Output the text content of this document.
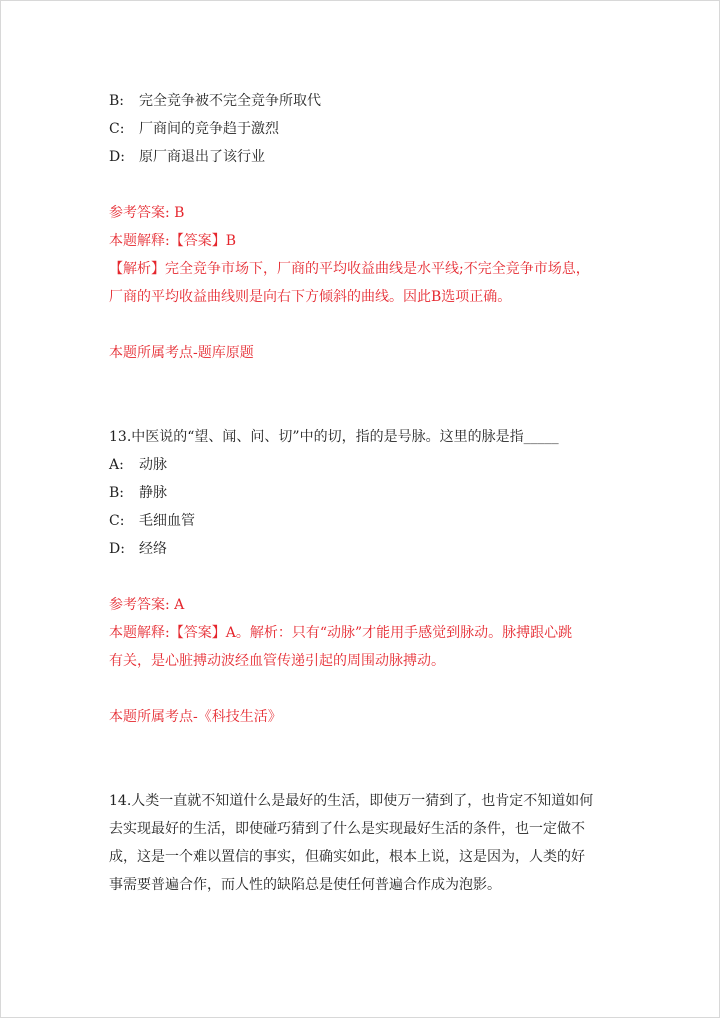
B: 完全竞争被不完全竞争所取代
C: 厂商间的竞争趋于激烈
D: 原厂商退出了该行业
参考答案: B
本题解释:【答案】B
【解析】完全竞争市场下，厂商的平均收益曲线是水平线;不完全竞争市场息，
厂商的平均收益曲线则是向右下方倾斜的曲线。因此B选项正确。
本题所属考点-题库原题
13.中医说的“望、闻、问、切”中的切，指的是号脉。这里的脉是指_____
A: 动脉
B: 静脉
C: 毛细血管
D: 经络
参考答案: A
本题解释:【答案】A。解析：只有“动脉”才能用手感觉到脉动。脉搏跟心跳
有关，是心脏搏动波经血管传递引起的周围动脉搏动。
本题所属考点-《科技生活》
14.人类一直就不知道什么是最好的生活，即使万一猜到了，也肯定不知道如何
去实现最好的生活，即使碰巧猜到了什么是实现最好生活的条件，也一定做不
成，这是一个难以置信的事实，但确实如此，根本上说，这是因为，人类的好
事需要普遍合作，而人性的缺陷总是使任何普遍合作成为泡影。
